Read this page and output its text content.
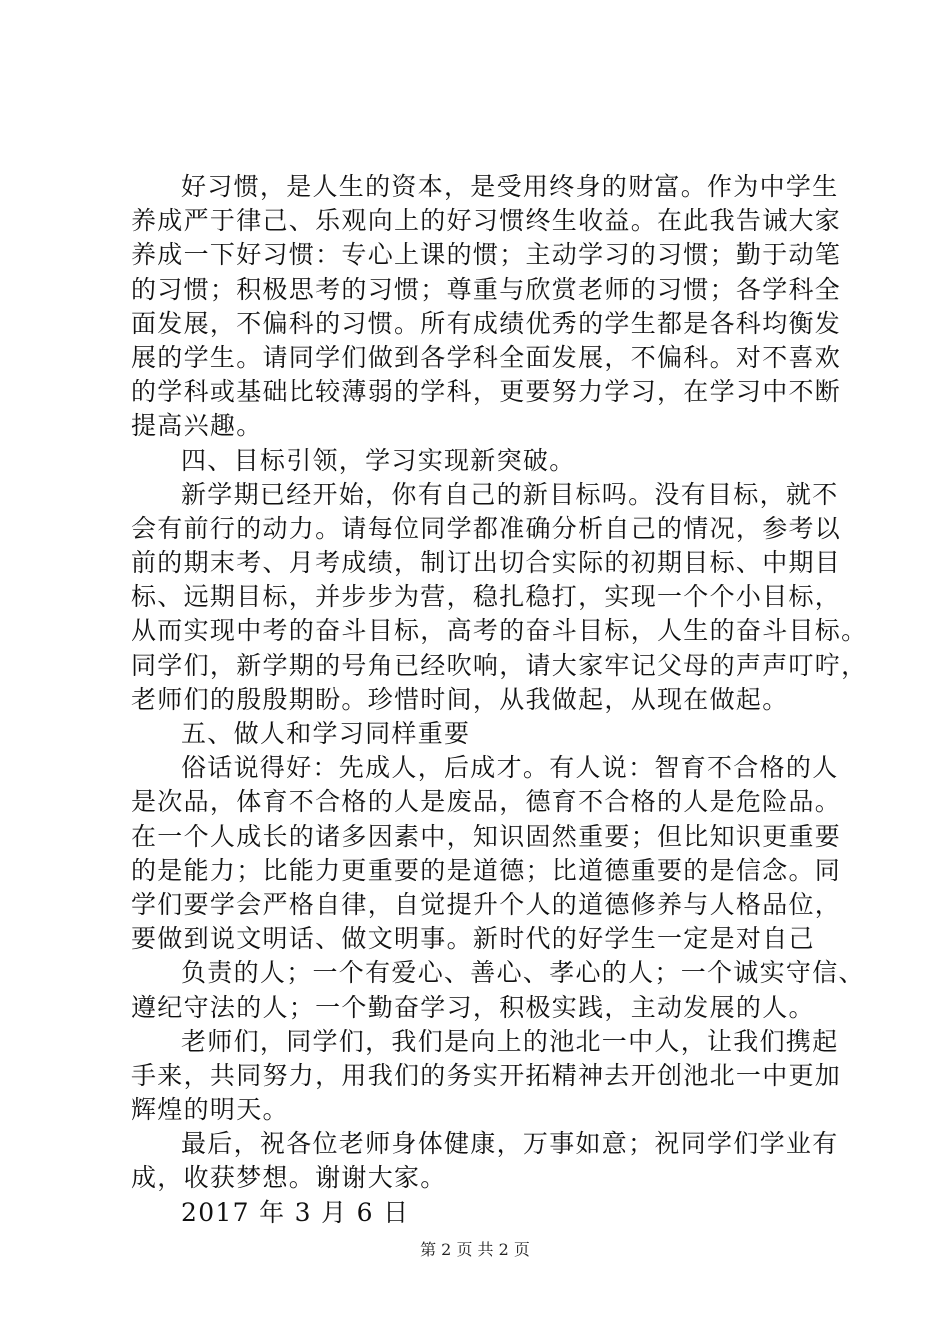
好习惯，是人生的资本，是受用终身的财富。作为中学生
养成严于律己、乐观向上的好习惯终生收益。在此我告诫大家
养成一下好习惯：专心上课的惯；主动学习的习惯；勤于动笔
的习惯；积极思考的习惯；尊重与欣赏老师的习惯；各学科全
面发展，不偏科的习惯。所有成绩优秀的学生都是各科均衡发
展的学生。请同学们做到各学科全面发展，不偏科。对不喜欢
的学科或基础比较薄弱的学科，更要努力学习，在学习中不断
提高兴趣。
四、目标引领，学习实现新突破。
新学期已经开始，你有自己的新目标吗。没有目标，就不
会有前行的动力。请每位同学都准确分析自己的情况，参考以
前的期末考、月考成绩，制订出切合实际的初期目标、中期目
标、远期目标，并步步为营，稳扎稳打，实现一个个小目标，
从而实现中考的奋斗目标，高考的奋斗目标，人生的奋斗目标。
同学们，新学期的号角已经吹响，请大家牢记父母的声声叮咛，
老师们的殷殷期盼。珍惜时间，从我做起，从现在做起。
五、做人和学习同样重要
俗话说得好：先成人，后成才。有人说：智育不合格的人
是次品，体育不合格的人是废品，德育不合格的人是危险品。
在一个人成长的诸多因素中，知识固然重要；但比知识更重要
的是能力；比能力更重要的是道德；比道德重要的是信念。同
学们要学会严格自律，自觉提升个人的道德修养与人格品位，
要做到说文明话、做文明事。新时代的好学生一定是对自己
负责的人；一个有爱心、善心、孝心的人；一个诚实守信、
遵纪守法的人；一个勤奋学习，积极实践，主动发展的人。
老师们，同学们，我们是向上的池北一中人，让我们携起
手来，共同努力，用我们的务实开拓精神去开创池北一中更加
辉煌的明天。
最后，祝各位老师身体健康，万事如意；祝同学们学业有
成，收获梦想。谢谢大家。
2017 年 3 月 6 日
第 2 页 共 2 页
